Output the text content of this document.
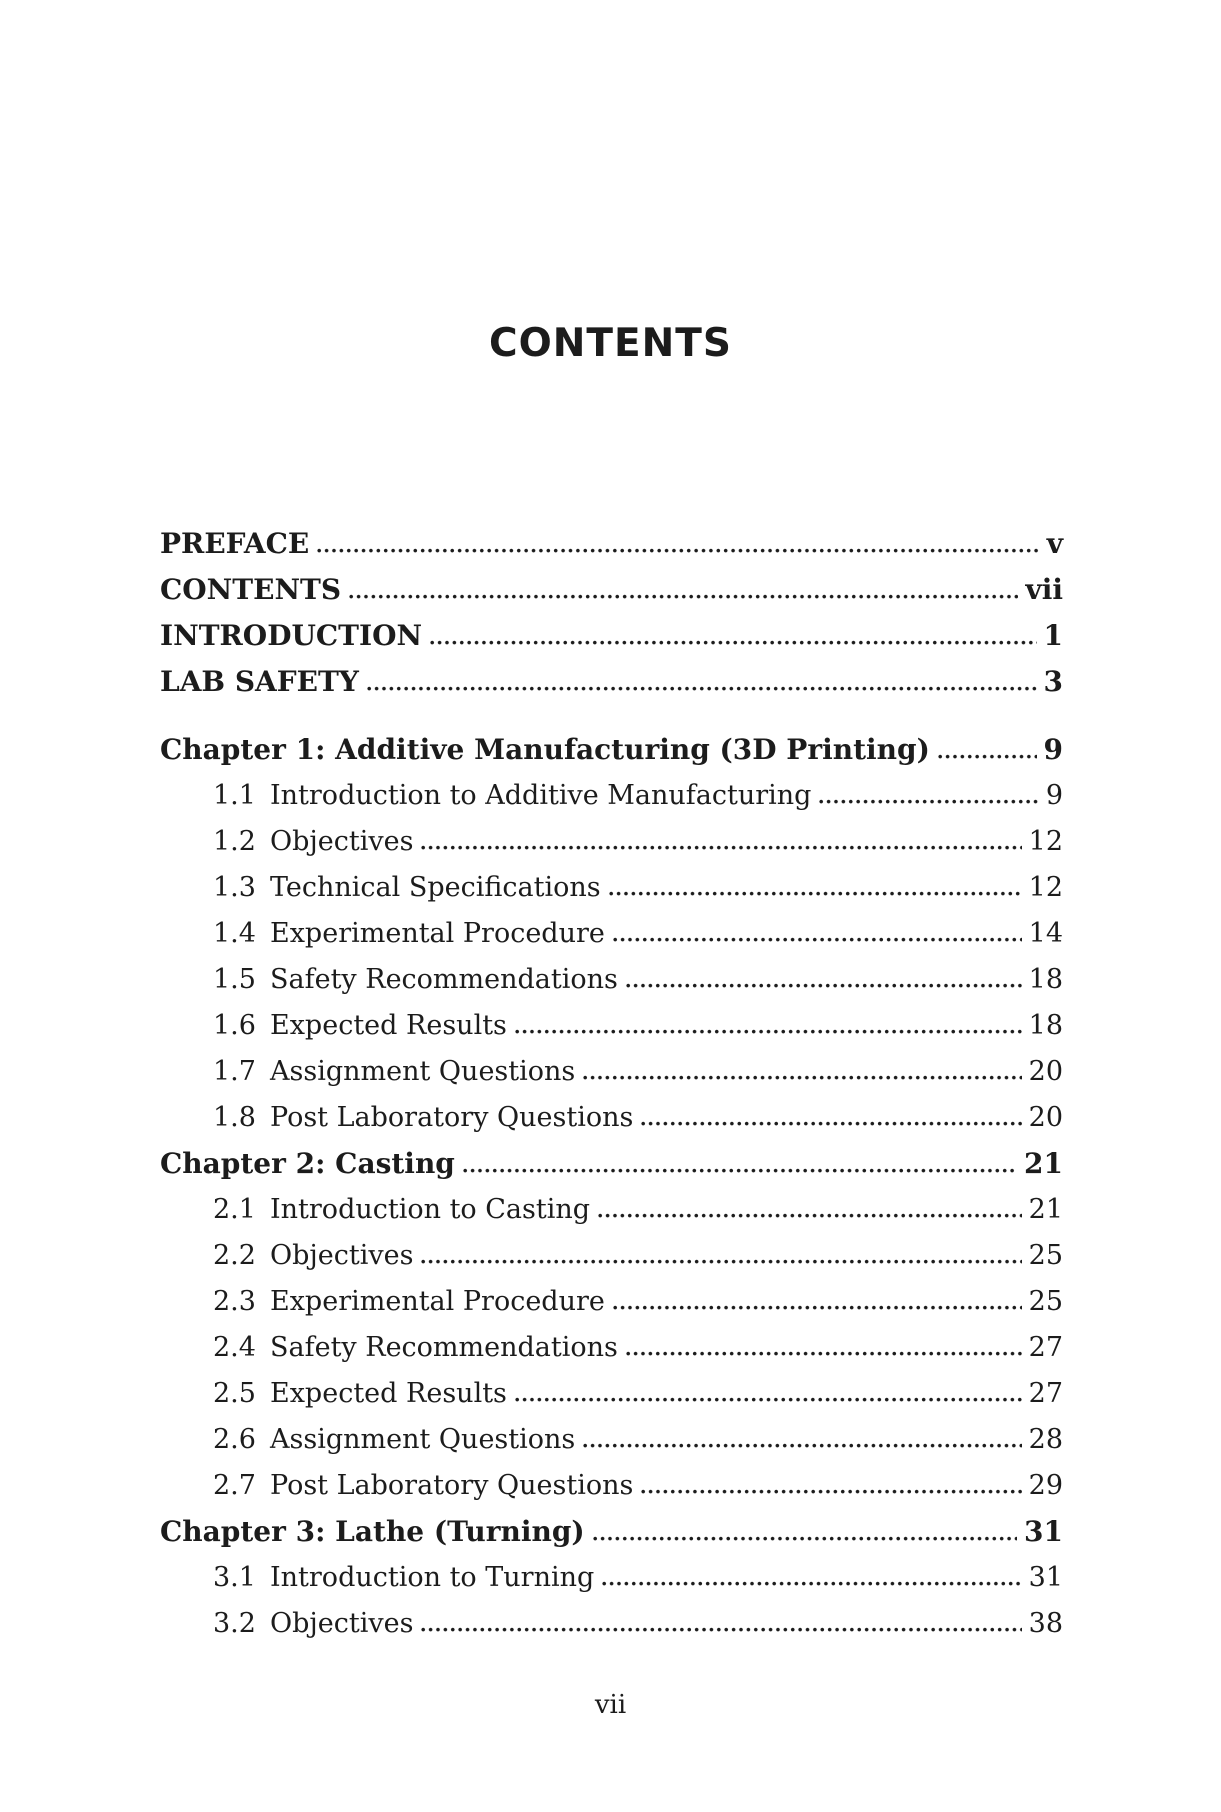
CONTENTS
PREFACE	v
CONTENTS	vii
INTRODUCTION	1
LAB SAFETY	3
Chapter 1: Additive Manufacturing (3D Printing)	9
1.1 Introduction to Additive Manufacturing	9
1.2 Objectives	12
1.3 Technical Specifications	12
1.4 Experimental Procedure	14
1.5 Safety Recommendations	18
1.6 Expected Results	18
1.7 Assignment Questions	20
1.8 Post Laboratory Questions	20
Chapter 2: Casting	21
2.1 Introduction to Casting	21
2.2 Objectives	25
2.3 Experimental Procedure	25
2.4 Safety Recommendations	27
2.5 Expected Results	27
2.6 Assignment Questions	28
2.7 Post Laboratory Questions	29
Chapter 3: Lathe (Turning)	31
3.1 Introduction to Turning	31
3.2 Objectives	38
vii
